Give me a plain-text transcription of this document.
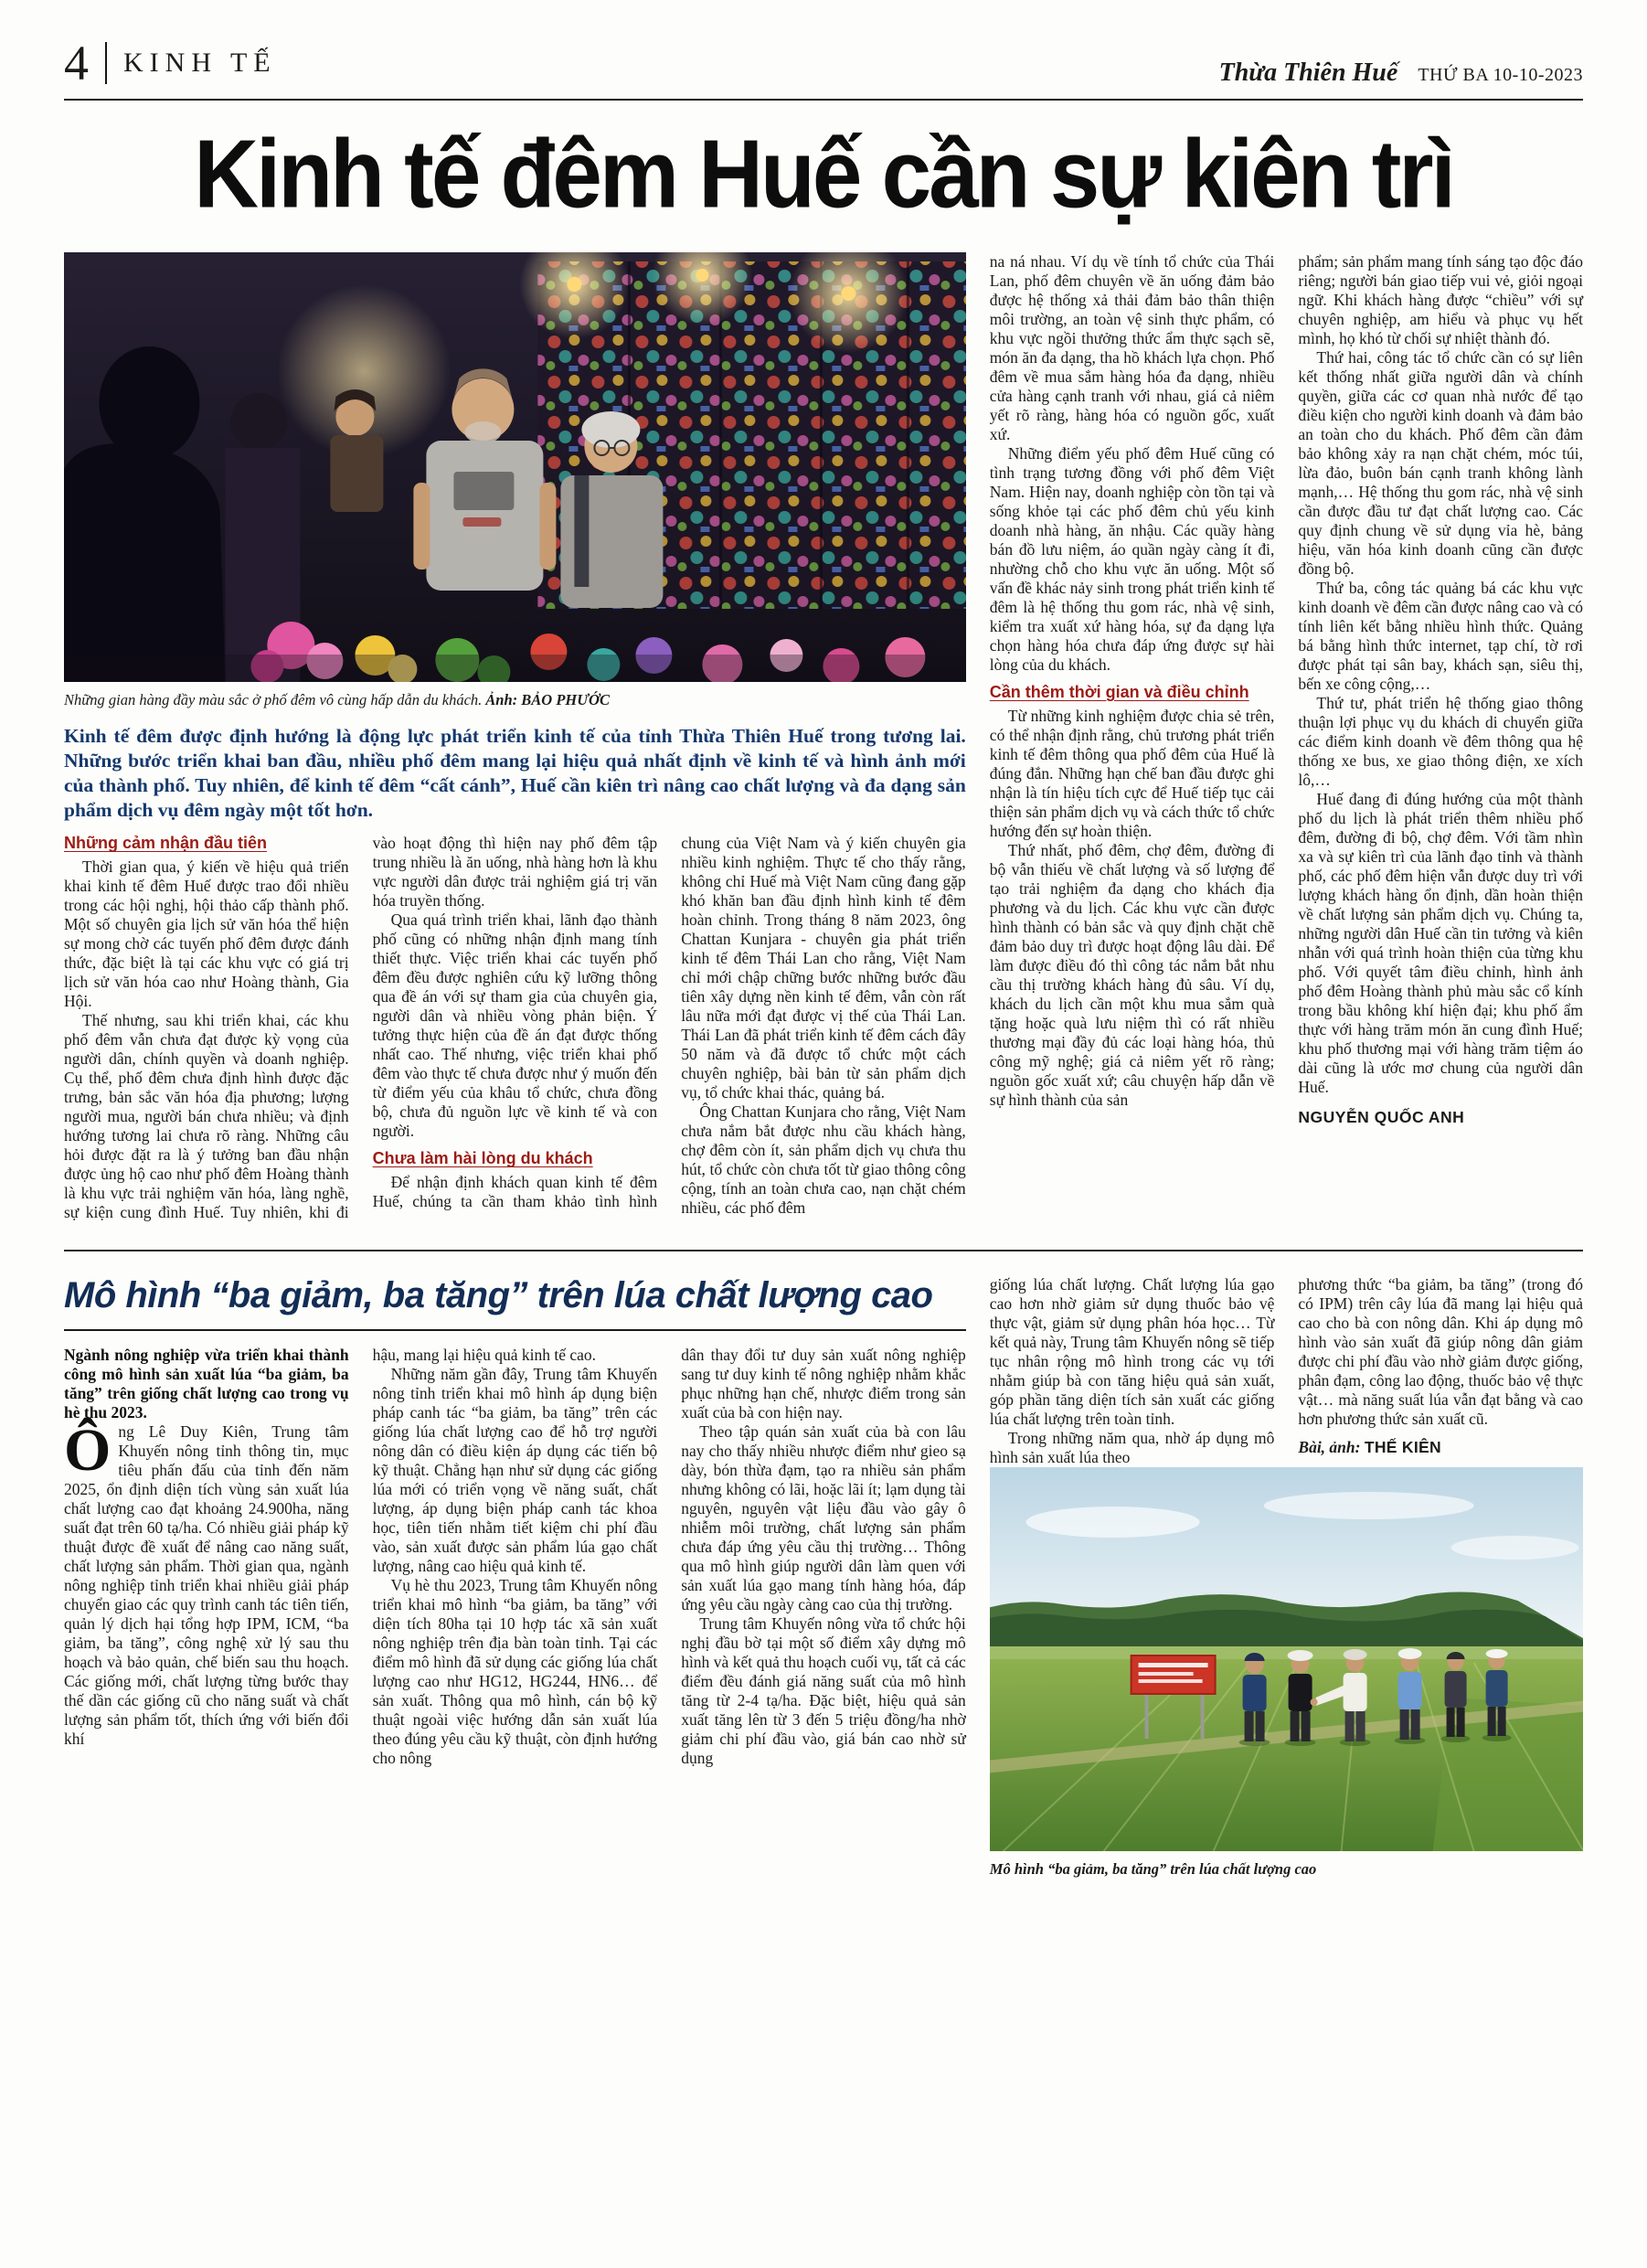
4 KINH TẾ	Thừa Thiên Huế THỨ BA 10-10-2023
Kinh tế đêm Huế cần sự kiên trì

Những gian hàng đầy màu sắc ở phố đêm vô cùng hấp dẫn du khách. Ảnh: BẢO PHƯỚC

Kinh tế đêm được định hướng là động lực phát triển kinh tế của tỉnh Thừa Thiên Huế trong tương lai. Những bước triển khai ban đầu, nhiều phố đêm mang lại hiệu quả nhất định về kinh tế và hình ảnh mới của thành phố. Tuy nhiên, để kinh tế đêm “cất cánh”, Huế cần kiên trì nâng cao chất lượng và đa dạng sản phẩm dịch vụ đêm ngày một tốt hơn.

Những cảm nhận đầu tiên

Thời gian qua, ý kiến về hiệu quả triển khai kinh tế đêm Huế được trao đổi nhiều trong các hội nghị, hội thảo cấp thành phố. Một số chuyên gia lịch sử văn hóa thể hiện sự mong chờ các tuyến phố đêm được đánh thức, đặc biệt là tại các khu vực có giá trị lịch sử văn hóa cao như Hoàng thành, Gia Hội.

Thế nhưng, sau khi triển khai, các khu phố đêm vẫn chưa đạt được kỳ vọng của người dân, chính quyền và doanh nghiệp. Cụ thể, phố đêm chưa định hình được đặc trưng, bản sắc văn hóa địa phương; lượng người mua, người bán chưa nhiều; và định hướng tương lai chưa rõ ràng. Những câu hỏi được đặt ra là ý tưởng ban đầu nhận được ủng hộ cao như phố đêm Hoàng thành là khu vực trải nghiệm văn hóa, làng nghề, sự kiện cung đình Huế. Tuy nhiên, khi đi vào hoạt động thì hiện nay phố đêm tập trung nhiều là ăn uống, nhà hàng hơn là khu vực người dân được trải nghiệm giá trị văn hóa truyền thống.

Qua quá trình triển khai, lãnh đạo thành phố cũng có những nhận định mang tính thiết thực. Việc triển khai các tuyến phố đêm đều được nghiên cứu kỹ lưỡng thông qua đề án với sự tham gia của chuyên gia, người dân và nhiều vòng phản biện. Ý tưởng thực hiện của đề án đạt được thống nhất cao. Thế nhưng, việc triển khai phố đêm vào thực tế chưa được như ý muốn đến từ điểm yếu của khâu tổ chức, chưa đồng bộ, chưa đủ nguồn lực về kinh tế và con người.

Chưa làm hài lòng du khách

Để nhận định khách quan kinh tế đêm Huế, chúng ta cần tham khảo tình hình chung của Việt Nam và ý kiến chuyên gia nhiều kinh nghiệm. Thực tế cho thấy rằng, không chỉ Huế mà Việt Nam cũng đang gặp khó khăn ban đầu định hình kinh tế đêm hoàn chỉnh. Trong tháng 8 năm 2023, ông Chattan Kunjara - chuyên gia phát triển kinh tế đêm Thái Lan cho rằng, Việt Nam chỉ mới chập chững bước những bước đầu tiên xây dựng nền kinh tế đêm, vẫn còn rất lâu nữa mới đạt được vị thế của Thái Lan. Thái Lan đã phát triển kinh tế đêm cách đây 50 năm và đã được tổ chức một cách chuyên nghiệp, bài bản từ sản phẩm dịch vụ, tổ chức khai thác, quảng bá.

Ông Chattan Kunjara cho rằng, Việt Nam chưa nắm bắt được nhu cầu khách hàng, chợ đêm còn ít, sản phẩm dịch vụ chưa thu hút, tổ chức còn chưa tốt từ giao thông công cộng, tính an toàn chưa cao, nạn chặt chém nhiều, các phố đêm

na ná nhau. Ví dụ về tính tổ chức của Thái Lan, phố đêm chuyên về ăn uống đảm bảo được hệ thống xả thải đảm bảo thân thiện môi trường, an toàn vệ sinh thực phẩm, có khu vực ngồi thưởng thức ẩm thực sạch sẽ, món ăn đa dạng, tha hồ khách lựa chọn. Phố đêm về mua sắm hàng hóa đa dạng, nhiều cửa hàng cạnh tranh với nhau, giá cả niêm yết rõ ràng, hàng hóa có nguồn gốc, xuất xứ.

Những điểm yếu phố đêm Huế cũng có tình trạng tương đồng với phố đêm Việt Nam. Hiện nay, doanh nghiệp còn tồn tại và sống khỏe tại các phố đêm chủ yếu kinh doanh nhà hàng, ăn nhậu. Các quầy hàng bán đồ lưu niệm, áo quần ngày càng ít đi, nhường chỗ cho khu vực ăn uống. Một số vấn đề khác nảy sinh trong phát triển kinh tế đêm là hệ thống thu gom rác, nhà vệ sinh, kiểm tra xuất xứ hàng hóa, sự đa dạng lựa chọn hàng hóa chưa đáp ứng được sự hài lòng của du khách.

Cần thêm thời gian và điều chỉnh

Từ những kinh nghiệm được chia sẻ trên, có thể nhận định rằng, chủ trương phát triển kinh tế đêm thông qua phố đêm của Huế là đúng đắn. Những hạn chế ban đầu được ghi nhận là tín hiệu tích cực để Huế tiếp tục cải thiện sản phẩm dịch vụ và cách thức tổ chức hướng đến sự hoàn thiện.

Thứ nhất, phố đêm, chợ đêm, đường đi bộ vẫn thiếu về chất lượng và số lượng để tạo trải nghiệm đa dạng cho khách địa phương và du lịch. Các khu vực cần được hình thành có bản sắc và quy định chặt chẽ đảm bảo duy trì được hoạt động lâu dài. Để làm được điều đó thì công tác nắm bắt nhu cầu thị trường khách hàng đủ sâu. Ví dụ, khách du lịch cần một khu mua sắm quà tặng hoặc quà lưu niệm thì có rất nhiều thương mại đầy đủ các loại hàng hóa, thủ công mỹ nghệ; giá cả niêm yết rõ ràng; nguồn gốc xuất xứ; câu chuyện hấp dẫn về sự hình thành của sản

phẩm; sản phẩm mang tính sáng tạo độc đáo riêng; người bán giao tiếp vui vẻ, giỏi ngoại ngữ. Khi khách hàng được “chiều” với sự chuyên nghiệp, am hiểu và phục vụ hết mình, họ khó từ chối sự nhiệt thành đó.

Thứ hai, công tác tổ chức cần có sự liên kết thống nhất giữa người dân và chính quyền, giữa các cơ quan nhà nước để tạo điều kiện cho người kinh doanh và đảm bảo an toàn cho du khách. Phố đêm cần đảm bảo không xảy ra nạn chặt chém, móc túi, lừa đảo, buôn bán cạnh tranh không lành mạnh,… Hệ thống thu gom rác, nhà vệ sinh cần được đầu tư đạt chất lượng cao. Các quy định chung về sử dụng vỉa hè, bảng hiệu, văn hóa kinh doanh cũng cần được đồng bộ.

Thứ ba, công tác quảng bá các khu vực kinh doanh về đêm cần được nâng cao và có tính liên kết bằng nhiều hình thức. Quảng bá bằng hình thức internet, tạp chí, tờ rơi được phát tại sân bay, khách sạn, siêu thị, bến xe công cộng,…

Thứ tư, phát triển hệ thống giao thông thuận lợi phục vụ du khách di chuyển giữa các điểm kinh doanh về đêm thông qua hệ thống xe bus, xe giao thông điện, xe xích lô,…

Huế đang đi đúng hướng của một thành phố du lịch là phát triển thêm nhiều phố đêm, đường đi bộ, chợ đêm. Với tầm nhìn xa và sự kiên trì của lãnh đạo tỉnh và thành phố, các phố đêm hiện vẫn được duy trì với lượng khách hàng ổn định, dần hoàn thiện về chất lượng sản phẩm dịch vụ. Chúng ta, những người dân Huế cần tin tưởng và kiên nhẫn với quá trình hoàn thiện của từng khu phố. Với quyết tâm điều chỉnh, hình ảnh phố đêm Hoàng thành phủ màu sắc cổ kính trong bầu không khí hiện đại; khu phố ẩm thực với hàng trăm món ăn cung đình Huế; khu phố thương mại với hàng trăm tiệm áo dài cũng là ước mơ chung của người dân Huế.

NGUYỄN QUỐC ANH

Mô hình “ba giảm, ba tăng” trên lúa chất lượng cao

Ngành nông nghiệp vừa triển khai thành công mô hình sản xuất lúa “ba giảm, ba tăng” trên giống chất lượng cao trong vụ hè thu 2023.

Ông Lê Duy Kiên, Trung tâm Khuyến nông tỉnh thông tin, mục tiêu phấn đấu của tỉnh đến năm 2025, ổn định diện tích vùng sản xuất lúa chất lượng cao đạt khoảng 24.900ha, năng suất đạt trên 60 tạ/ha. Có nhiều giải pháp kỹ thuật được đề xuất để nâng cao năng suất, chất lượng sản phẩm. Thời gian qua, ngành nông nghiệp tỉnh triển khai nhiều giải pháp chuyển giao các quy trình canh tác tiên tiến, quản lý dịch hại tổng hợp IPM, ICM, “ba giảm, ba tăng”, công nghệ xử lý sau thu hoạch và bảo quản, chế biến sau thu hoạch. Các giống mới, chất lượng từng bước thay thế dần các giống cũ cho năng suất và chất lượng sản phẩm tốt, thích ứng với biến đổi khí

hậu, mang lại hiệu quả kinh tế cao.

Những năm gần đây, Trung tâm Khuyến nông tỉnh triển khai mô hình áp dụng biện pháp canh tác “ba giảm, ba tăng” trên các giống lúa chất lượng cao để hỗ trợ người nông dân có điều kiện áp dụng các tiến bộ kỹ thuật. Chẳng hạn như sử dụng các giống lúa mới có triển vọng về năng suất, chất lượng, áp dụng biện pháp canh tác khoa học, tiên tiến nhằm tiết kiệm chi phí đầu vào, sản xuất được sản phẩm lúa gạo chất lượng, nâng cao hiệu quả kinh tế.

Vụ hè thu 2023, Trung tâm Khuyến nông triển khai mô hình “ba giảm, ba tăng” với diện tích 80ha tại 10 hợp tác xã sản xuất nông nghiệp trên địa bàn toàn tỉnh. Tại các điểm mô hình đã sử dụng các giống lúa chất lượng cao như HG12, HG244, HN6… để sản xuất. Thông qua mô hình, cán bộ kỹ thuật ngoài việc hướng dẫn sản xuất lúa theo đúng yêu cầu kỹ thuật, còn định hướng cho nông

dân thay đổi tư duy sản xuất nông nghiệp sang tư duy kinh tế nông nghiệp nhằm khắc phục những hạn chế, nhược điểm trong sản xuất của bà con hiện nay.

Theo tập quán sản xuất của bà con lâu nay cho thấy nhiều nhược điểm như gieo sạ dày, bón thừa đạm, tạo ra nhiều sản phẩm nhưng không có lãi, hoặc lãi ít; lạm dụng tài nguyên, nguyên vật liệu đầu vào gây ô nhiễm môi trường, chất lượng sản phẩm chưa đáp ứng yêu cầu thị trường… Thông qua mô hình giúp người dân làm quen với sản xuất lúa gạo mang tính hàng hóa, đáp ứng yêu cầu ngày càng cao của thị trường.

Trung tâm Khuyến nông vừa tổ chức hội nghị đầu bờ tại một số điểm xây dựng mô hình và kết quả thu hoạch cuối vụ, tất cả các điểm đều đánh giá năng suất của mô hình tăng từ 2-4 tạ/ha. Đặc biệt, hiệu quả sản xuất tăng lên từ 3 đến 5 triệu đồng/ha nhờ giảm chi phí đầu vào, giá bán cao nhờ sử dụng

giống lúa chất lượng. Chất lượng lúa gạo cao hơn nhờ giảm sử dụng thuốc bảo vệ thực vật, giảm sử dụng phân hóa học… Từ kết quả này, Trung tâm Khuyến nông sẽ tiếp tục nhân rộng mô hình trong các vụ tới nhằm giúp bà con tăng hiệu quả sản xuất, góp phần tăng diện tích sản xuất các giống lúa chất lượng trên toàn tỉnh.

Trong những năm qua, nhờ áp dụng mô hình sản xuất lúa theo

phương thức “ba giảm, ba tăng” (trong đó có IPM) trên cây lúa đã mang lại hiệu quả cao cho bà con nông dân. Khi áp dụng mô hình vào sản xuất đã giúp nông dân giảm được chi phí đầu vào nhờ giảm được giống, phân đạm, công lao động, thuốc bảo vệ thực vật… mà năng suất lúa vẫn đạt bằng và cao hơn phương thức sản xuất cũ.

Bài, ảnh: THẾ KIÊN

Mô hình “ba giảm, ba tăng” trên lúa chất lượng cao
